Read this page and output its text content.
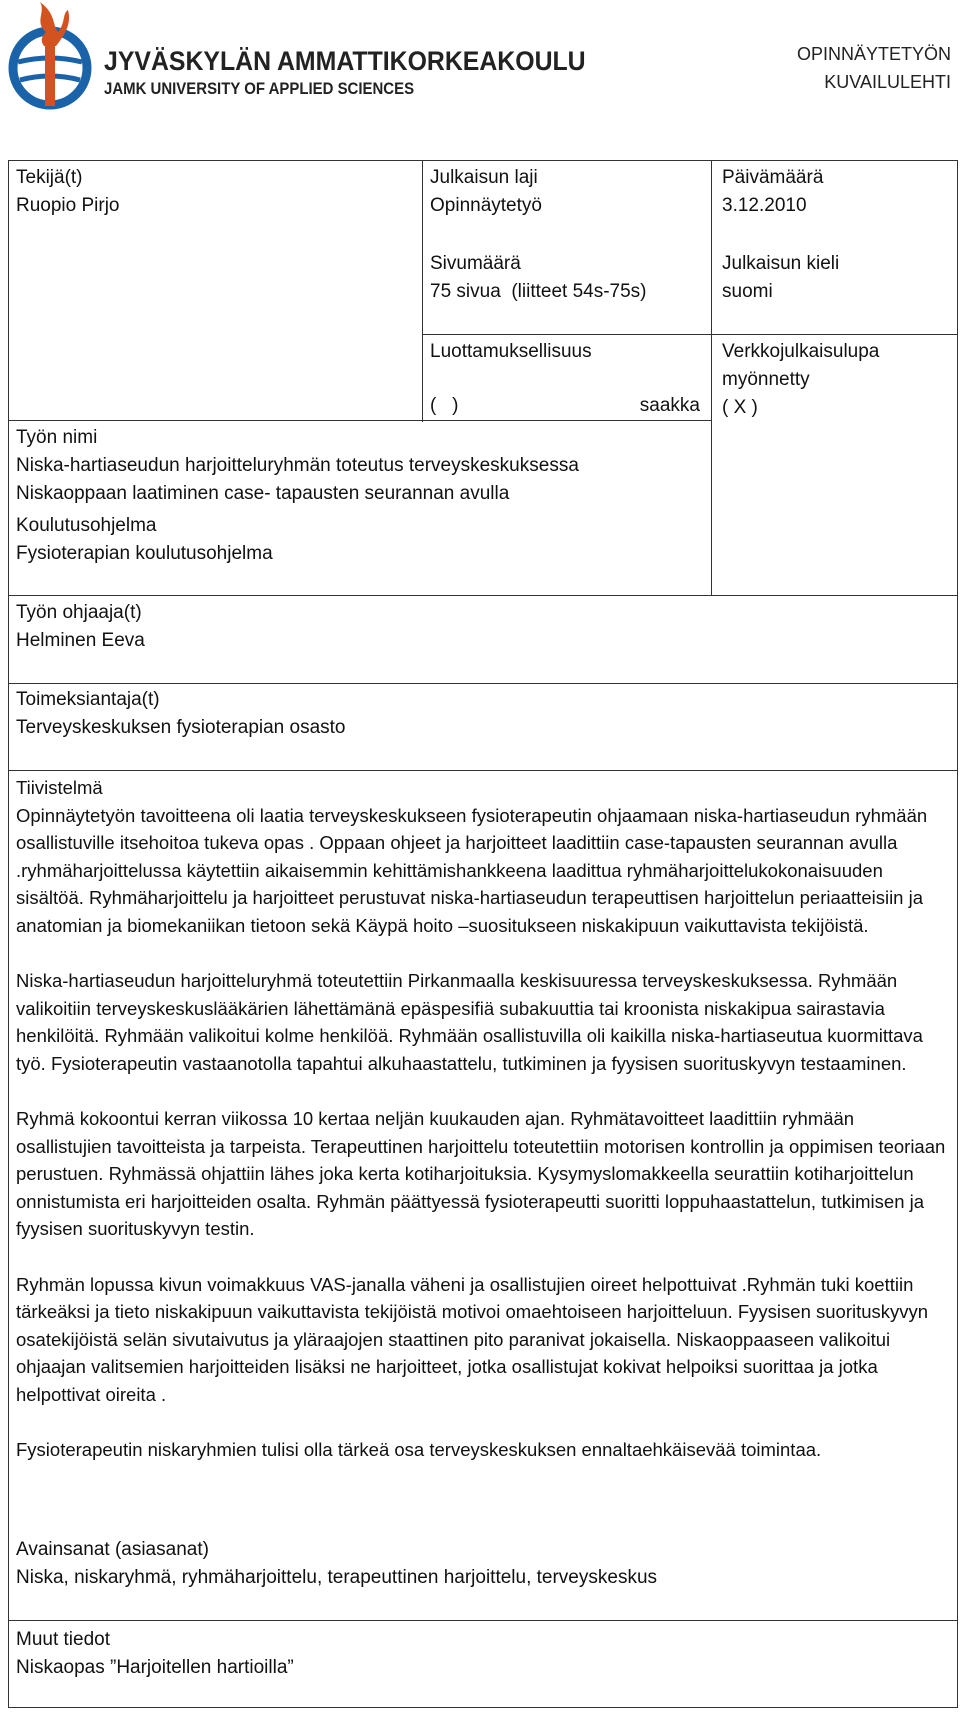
JYVÄSKYLÄN AMMATTIKORKEAKOULU
JAMK UNIVERSITY OF APPLIED SCIENCES
OPINNÄYTETYÖN
KUVAILULEHTI
Tekijä(t)
Ruopio Pirjo
Julkaisun laji
Opinnäytetyö
Päivämäärä
3.12.2010
Sivumäärä
75 sivua  (liitteet 54s-75s)
Julkaisun kieli
suomi
Luottamuksellisuus
(   )	saakka
Verkkojulkaisulupa
myönnetty
( X )
Työn nimi
Niska-hartiaseudun harjoitteluryhmän toteutus terveyskeskuksessa
Niskaoppaan laatiminen case- tapausten seurannan avulla
Koulutusohjelma
Fysioterapian koulutusohjelma
Työn ohjaaja(t)
Helminen Eeva
Toimeksiantaja(t)
Terveyskeskuksen fysioterapian osasto
Tiivistelmä

Opinnäytetyön tavoitteena oli laatia terveyskeskukseen fysioterapeutin ohjaamaan niska-hartiaseudun ryhmään osallistuville itsehoitoa tukeva opas . Oppaan ohjeet ja harjoitteet laadittiin case-tapausten seurannan avulla .ryhmäharjoittelussa käytettiin aikaisemmin kehittämishankkeena laadittua ryhmäharjoittelukokonaisuuden sisältöä. Ryhmäharjoittelu ja harjoitteet perustuvat niska-hartiaseudun terapeuttisen harjoittelun periaatteisiin ja anatomian ja biomekaniikan tietoon sekä Käypä hoito –suositukseen niskakipuun vaikuttavista tekijöistä.

Niska-hartiaseudun harjoitteluryhmä toteutettiin Pirkanmaalla keskisuuressa terveyskeskuksessa. Ryhmään valikoitiin terveyskeskuslääkärien lähettämänä epäspesifiä subakuuttia tai kroonista niskakipua sairastavia henkilöitä. Ryhmään valikoitui kolme henkilöä. Ryhmään osallistuvilla oli kaikilla niska-hartiaseutua kuormittava työ. Fysioterapeutin vastaanotolla tapahtui alkuhaastattelu, tutkiminen ja fyysisen suorituskyvyn testaaminen.

Ryhmä kokoontui kerran viikossa 10 kertaa neljän kuukauden ajan. Ryhmätavoitteet laadittiin ryhmään osallistujien tavoitteista ja tarpeista. Terapeuttinen harjoittelu toteutettiin motorisen kontrollin ja oppimisen teoriaan perustuen. Ryhmässä ohjattiin lähes joka kerta kotiharjoituksia. Kysymyslomakkeella seurattiin kotiharjoittelun onnistumista eri harjoitteiden osalta. Ryhmän päättyessä fysioterapeutti suoritti loppuhaastattelun, tutkimisen ja fyysisen suorituskyvyn testin.

Ryhmän lopussa kivun voimakkuus VAS-janalla väheni ja osallistujien oireet helpottuivat .Ryhmän tuki koettiin tärkeäksi ja tieto niskakipuun vaikuttavista tekijöistä motivoi omaehtoiseen harjoitteluun. Fyysisen suorituskyvyn osatekijöistä selän sivutaivutus ja yläraajojen staattinen pito paranivat jokaisella. Niskaoppaaseen valikoitui ohjaajan valitsemien harjoitteiden lisäksi ne harjoitteet, jotka osallistujat kokivat helpoiksi suorittaa ja jotka helpottivat oireita .

Fysioterapeutin niskaryhmien tulisi olla tärkeä osa terveyskeskuksen ennaltaehkäisevää toimintaa.

Avainsanat (asiasanat)
Niska, niskaryhmä, ryhmäharjoittelu, terapeuttinen harjoittelu, terveyskeskus
Muut tiedot
Niskaopas ”Harjoitellen hartioilla”
